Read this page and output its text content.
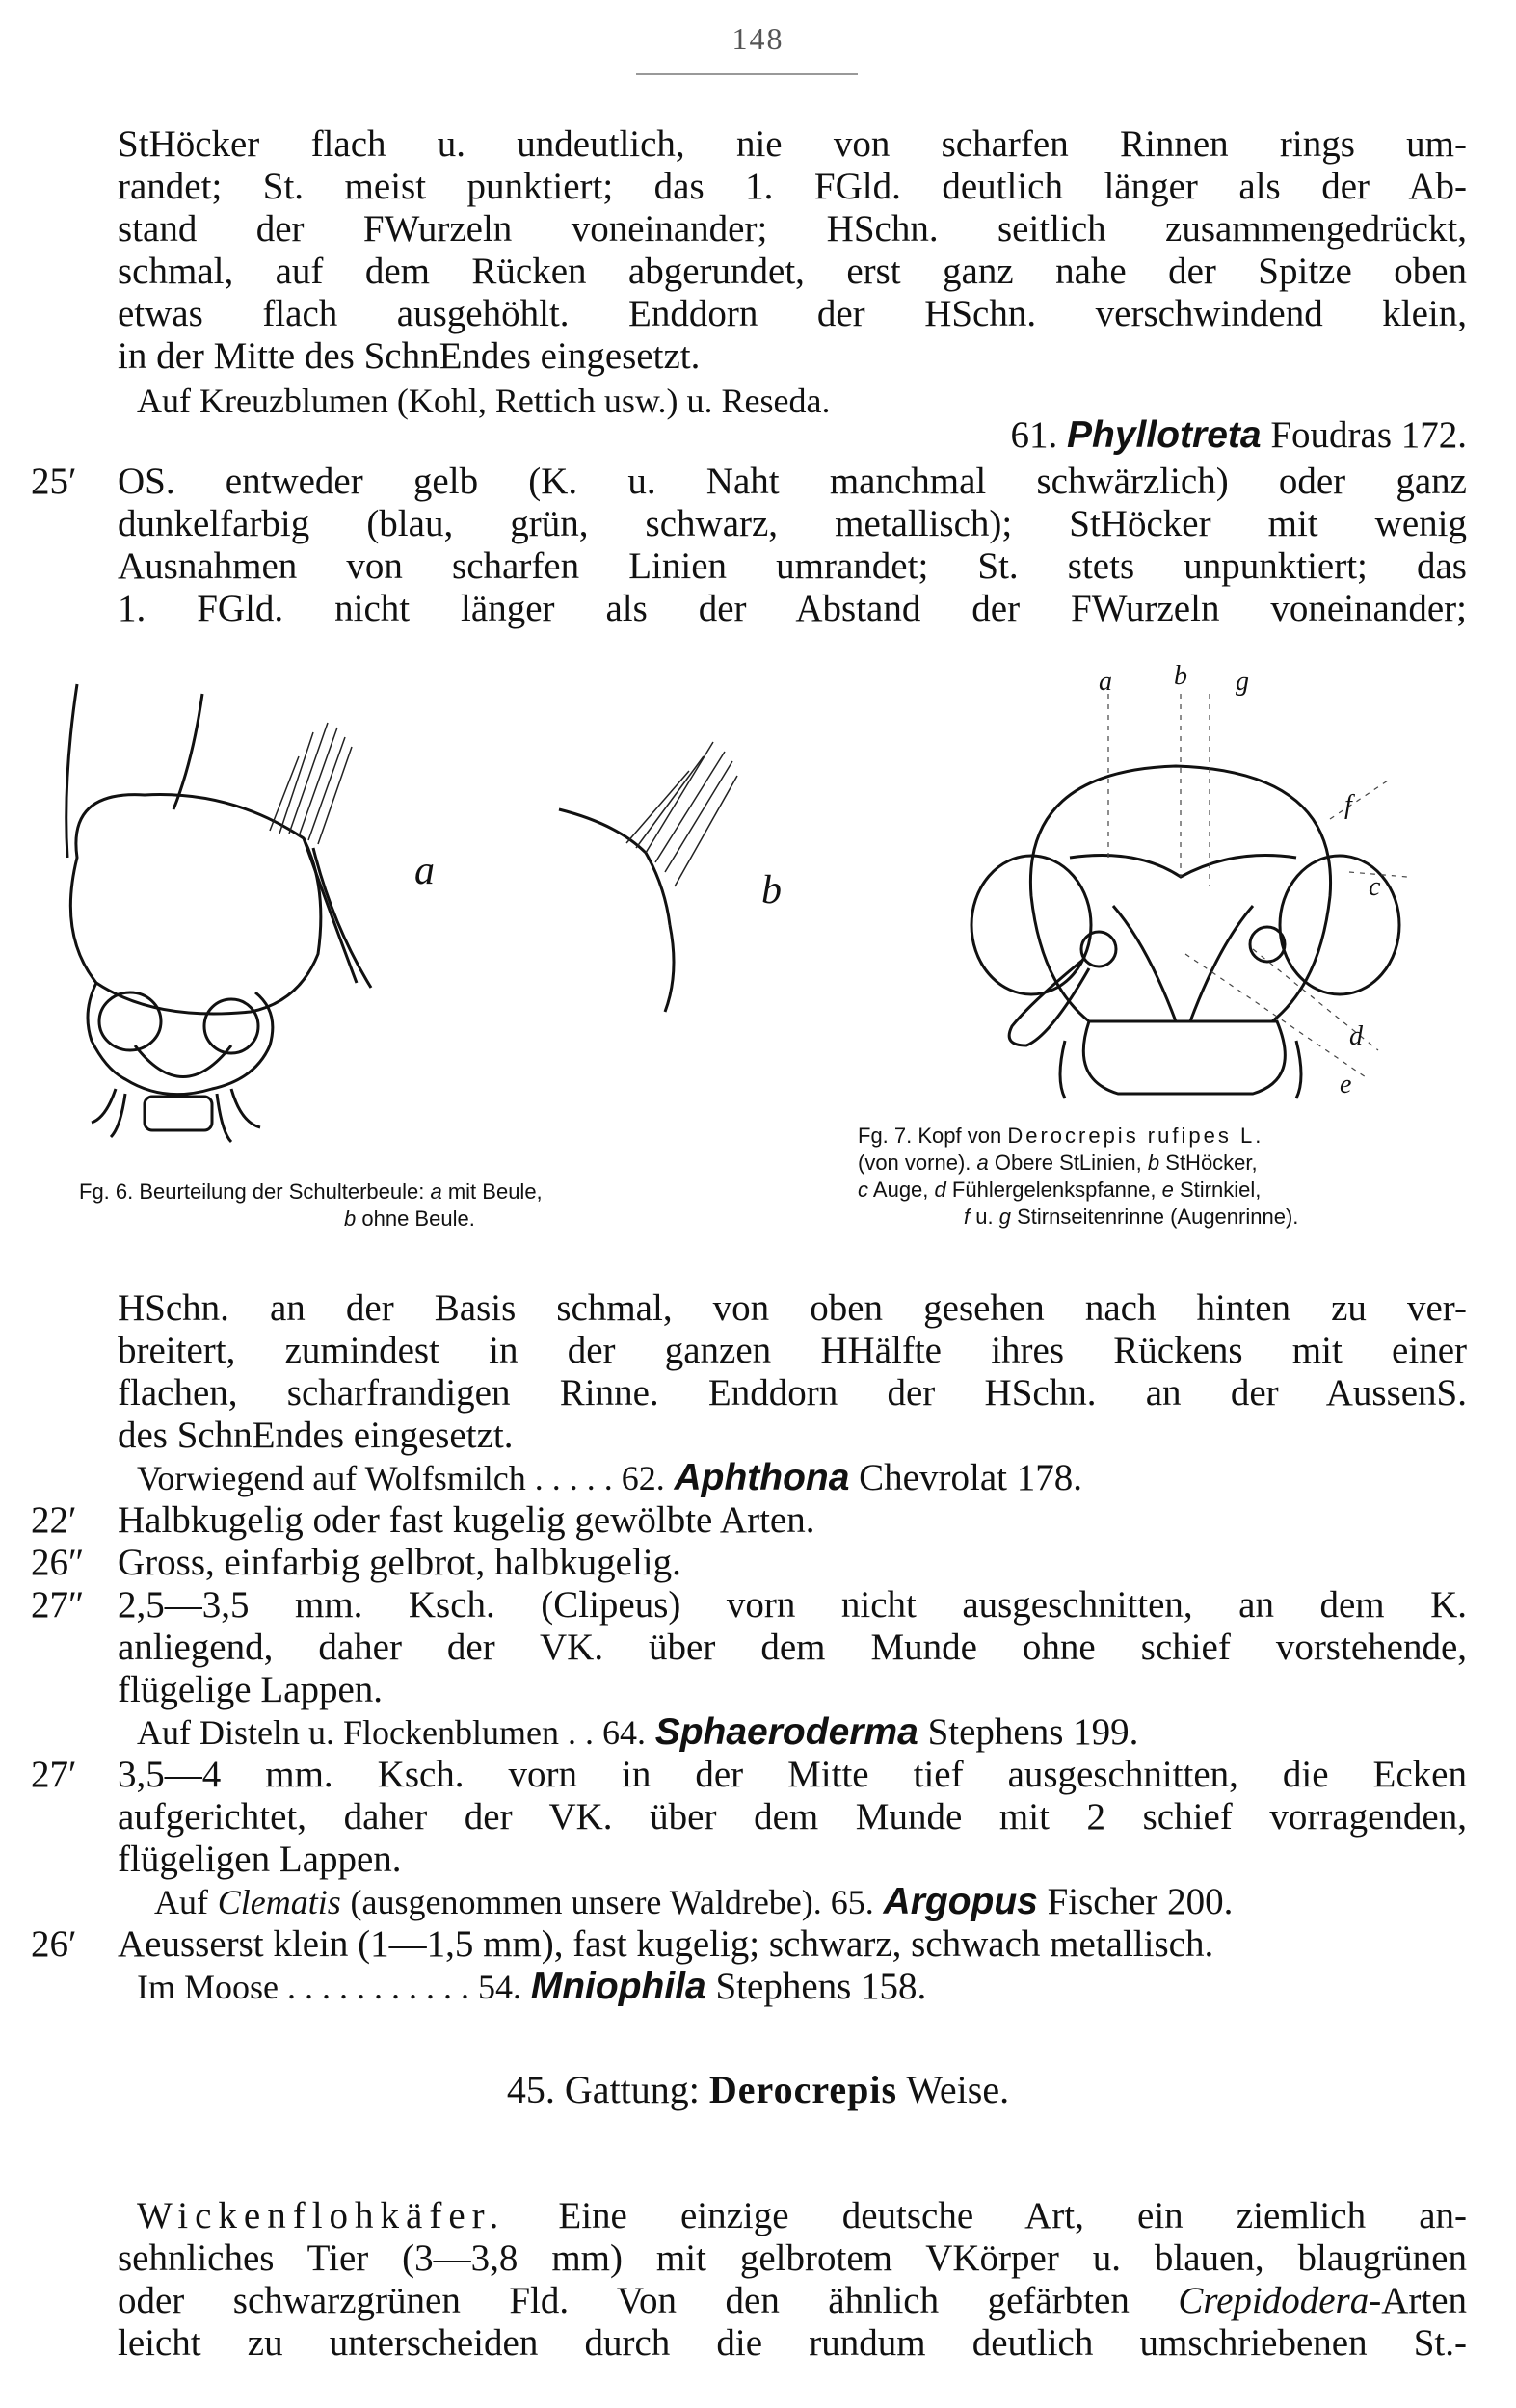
148
StHöcker flach u. undeutlich, nie von scharfen Rinnen rings um-
randet; St. meist punktiert; das 1. FGld. deutlich länger als der Ab-
stand der FWurzeln voneinander; HSchn. seitlich zusammengedrückt,
schmal, auf dem Rücken abgerundet, erst ganz nahe der Spitze oben
etwas flach ausgehöhlt. Enddorn der HSchn. verschwindend klein,
in der Mitte des SchnEndes eingesetzt.
Auf Kreuzblumen (Kohl, Rettich usw.) u. Reseda.
61. Phyllotreta Foudras 172.
25′ OS. entweder gelb (K. u. Naht manchmal schwärzlich) oder ganz
dunkelfarbig (blau, grün, schwarz, metallisch); StHöcker mit wenig
Ausnahmen von scharfen Linien umrandet; St. stets unpunktiert; das
1. FGld. nicht länger als der Abstand der FWurzeln voneinander;
a	b
a b g
f
c
d
e
Fg. 6. Beurteilung der Schulterbeule: a mit Beule,
b ohne Beule.
Fg. 7. Kopf von Derocrepis rufipes L.
(von vorne). a Obere StLinien, b StHöcker,
c Auge, d Fühlergelenkspfanne, e Stirnkiel,
f u. g Stirnseitenrinne (Augenrinne).
HSchn. an der Basis schmal, von oben gesehen nach hinten zu ver-
breitert, zumindest in der ganzen HHälfte ihres Rückens mit einer
flachen, scharfrandigen Rinne. Enddorn der HSchn. an der AussenS.
des SchnEndes eingesetzt.
Vorwiegend auf Wolfsmilch . . . . . 62. Aphthona Chevrolat 178.
22′ Halbkugelig oder fast kugelig gewölbte Arten.
26″ Gross, einfarbig gelbrot, halbkugelig.
27″ 2,5—3,5 mm. Ksch. (Clipeus) vorn nicht ausgeschnitten, an dem K.
anliegend, daher der VK. über dem Munde ohne schief vorstehende,
flügelige Lappen.
Auf Disteln u. Flockenblumen . . 64. Sphaeroderma Stephens 199.
27′ 3,5—4 mm. Ksch. vorn in der Mitte tief ausgeschnitten, die Ecken
aufgerichtet, daher der VK. über dem Munde mit 2 schief vorragenden,
flügeligen Lappen.
Auf Clematis (ausgenommen unsere Waldrebe). 65. Argopus Fischer 200.
26′ Aeusserst klein (1—1,5 mm), fast kugelig; schwarz, schwach metallisch.
Im Moose . . . . . . . . . . . 54. Mniophila Stephens 158.
45. Gattung: Derocrepis Weise.
Wickenflohkäfer. Eine einzige deutsche Art, ein ziemlich an-
sehnliches Tier (3—3,8 mm) mit gelbrotem VKörper u. blauen, blaugrünen
oder schwarzgrünen Fld. Von den ähnlich gefärbten Crepidodera-Arten
leicht zu unterscheiden durch die rundum deutlich umschriebenen St.-
